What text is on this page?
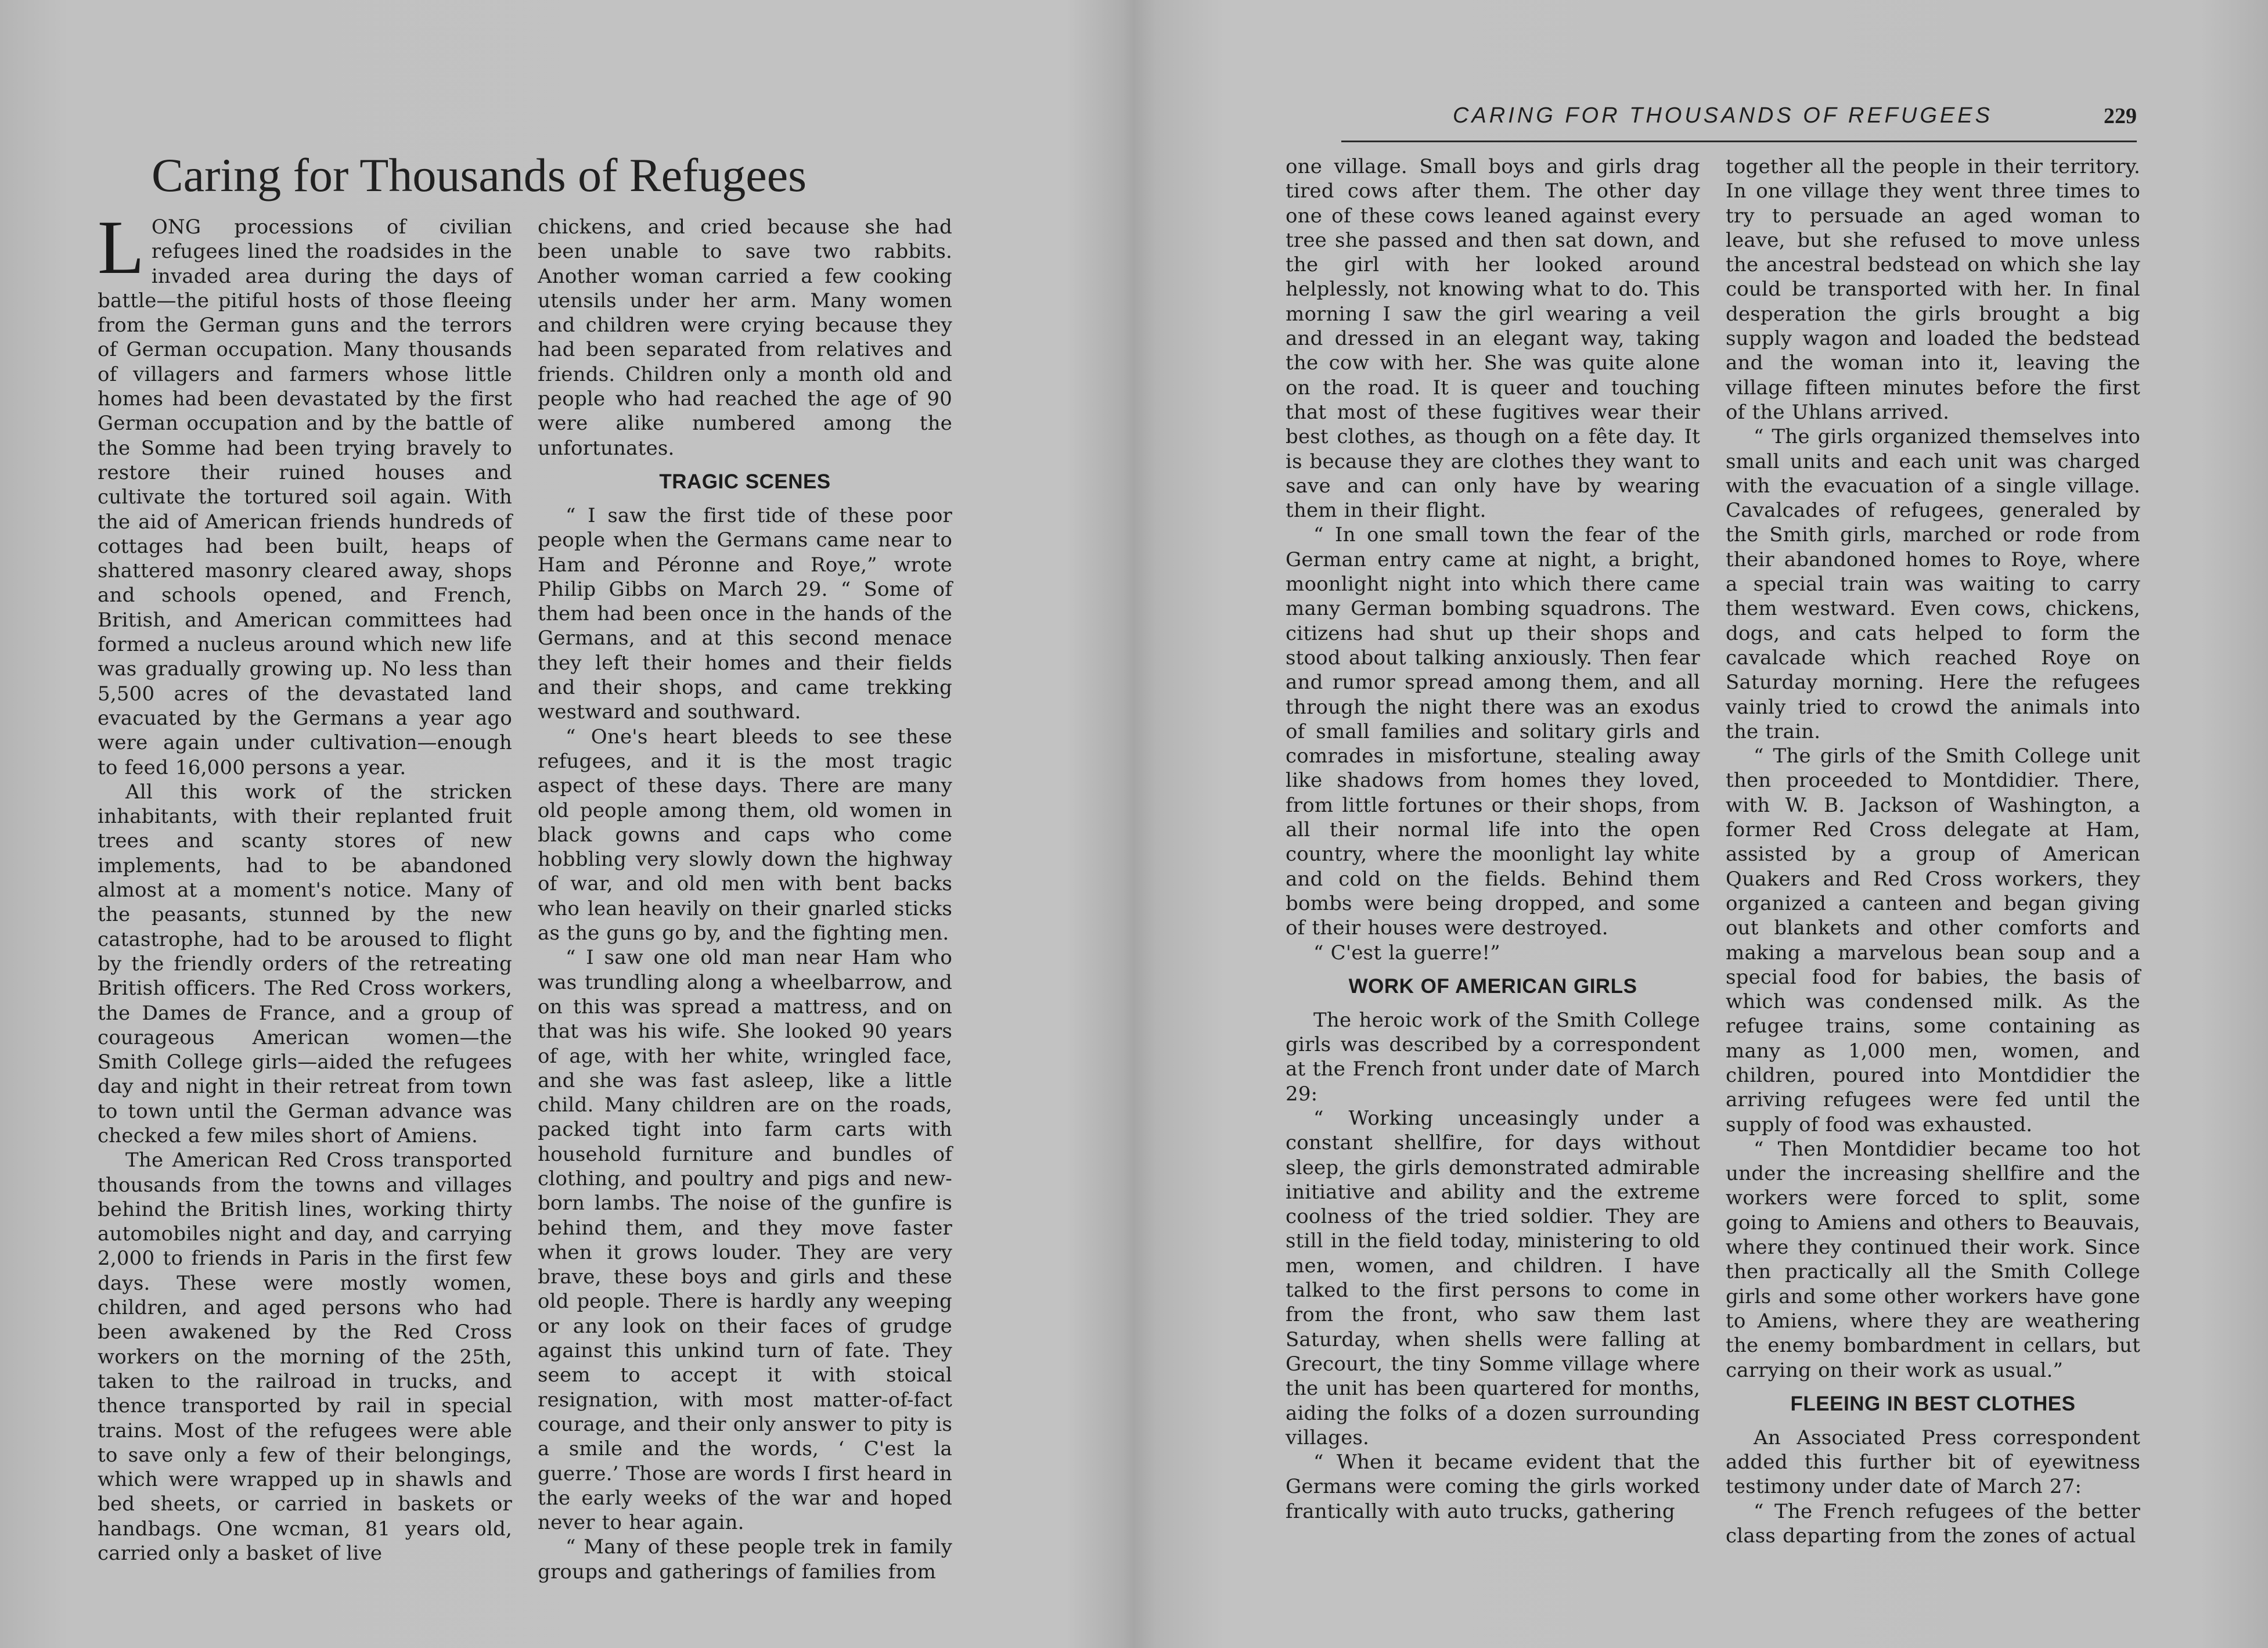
Caring for Thousands of Refugees

LONG processions of civilian refugees lined the roadsides in the invaded area during the days of battle—the pitiful hosts of those fleeing from the German guns and the terrors of German occupation. Many thousands of villagers and farmers whose little homes had been devastated by the first German occupation and by the battle of the Somme had been trying bravely to restore their ruined houses and cultivate the tortured soil again. With the aid of American friends hundreds of cottages had been built, heaps of shattered masonry cleared away, shops and schools opened, and French, British, and American committees had formed a nucleus around which new life was gradually growing up. No less than 5,500 acres of the devastated land evacuated by the Germans a year ago were again under cultivation—enough to feed 16,000 persons a year.

All this work of the stricken inhabitants, with their replanted fruit trees and scanty stores of new implements, had to be abandoned almost at a moment's notice. Many of the peasants, stunned by the new catastrophe, had to be aroused to flight by the friendly orders of the retreating British officers. The Red Cross workers, the Dames de France, and a group of courageous American women—the Smith College girls—aided the refugees day and night in their retreat from town to town until the German advance was checked a few miles short of Amiens.

The American Red Cross transported thousands from the towns and villages behind the British lines, working thirty automobiles night and day, and carrying 2,000 to friends in Paris in the first few days. These were mostly women, children, and aged persons who had been awakened by the Red Cross workers on the morning of the 25th, taken to the railroad in trucks, and thence transported by rail in special trains. Most of the refugees were able to save only a few of their belongings, which were wrapped up in shawls and bed sheets, or carried in baskets or handbags. One wcman, 81 years old, carried only a basket of live

chickens, and cried because she had been unable to save two rabbits. Another woman carried a few cooking utensils under her arm. Many women and children were crying because they had been separated from relatives and friends. Children only a month old and people who had reached the age of 90 were alike numbered among the unfortunates.

TRAGIC SCENES

“ I saw the first tide of these poor people when the Germans came near to Ham and Péronne and Roye,” wrote Philip Gibbs on March 29. “ Some of them had been once in the hands of the Germans, and at this second menace they left their homes and their fields and their shops, and came trekking westward and southward.

“ One's heart bleeds to see these refugees, and it is the most tragic aspect of these days. There are many old people among them, old women in black gowns and caps who come hobbling very slowly down the highway of war, and old men with bent backs who lean heavily on their gnarled sticks as the guns go by, and the fighting men.

“ I saw one old man near Ham who was trundling along a wheelbarrow, and on this was spread a mattress, and on that was his wife. She looked 90 years of age, with her white, wringled face, and she was fast asleep, like a little child. Many children are on the roads, packed tight into farm carts with household furniture and bundles of clothing, and poultry and pigs and new-born lambs. The noise of the gunfire is behind them, and they move faster when it grows louder. They are very brave, these boys and girls and these old people. There is hardly any weeping or any look on their faces of grudge against this unkind turn of fate. They seem to accept it with stoical resignation, with most matter-of-fact courage, and their only answer to pity is a smile and the words, ‘ C'est la guerre.’ Those are words I first heard in the early weeks of the war and hoped never to hear again.

“ Many of these people trek in family groups and gatherings of families from

CARING FOR THOUSANDS OF REFUGEES	229

one village. Small boys and girls drag tired cows after them. The other day one of these cows leaned against every tree she passed and then sat down, and the girl with her looked around helplessly, not knowing what to do. This morning I saw the girl wearing a veil and dressed in an elegant way, taking the cow with her. She was quite alone on the road. It is queer and touching that most of these fugitives wear their best clothes, as though on a fête day. It is because they are clothes they want to save and can only have by wearing them in their flight.

“ In one small town the fear of the German entry came at night, a bright, moonlight night into which there came many German bombing squadrons. The citizens had shut up their shops and stood about talking anxiously. Then fear and rumor spread among them, and all through the night there was an exodus of small families and solitary girls and comrades in misfortune, stealing away like shadows from homes they loved, from little fortunes or their shops, from all their normal life into the open country, where the moonlight lay white and cold on the fields. Behind them bombs were being dropped, and some of their houses were destroyed.

“ C'est la guerre!”

WORK OF AMERICAN GIRLS

The heroic work of the Smith College girls was described by a correspondent at the French front under date of March 29:

“ Working unceasingly under a constant shellfire, for days without sleep, the girls demonstrated admirable initiative and ability and the extreme coolness of the tried soldier. They are still in the field today, ministering to old men, women, and children. I have talked to the first persons to come in from the front, who saw them last Saturday, when shells were falling at Grecourt, the tiny Somme village where the unit has been quartered for months, aiding the folks of a dozen surrounding villages.

“ When it became evident that the Germans were coming the girls worked frantically with auto trucks, gathering

together all the people in their territory. In one village they went three times to try to persuade an aged woman to leave, but she refused to move unless the ancestral bedstead on which she lay could be transported with her. In final desperation the girls brought a big supply wagon and loaded the bedstead and the woman into it, leaving the village fifteen minutes before the first of the Uhlans arrived.

“ The girls organized themselves into small units and each unit was charged with the evacuation of a single village. Cavalcades of refugees, generaled by the Smith girls, marched or rode from their abandoned homes to Roye, where a special train was waiting to carry them westward. Even cows, chickens, dogs, and cats helped to form the cavalcade which reached Roye on Saturday morning. Here the refugees vainly tried to crowd the animals into the train.

“ The girls of the Smith College unit then proceeded to Montdidier. There, with W. B. Jackson of Washington, a former Red Cross delegate at Ham, assisted by a group of American Quakers and Red Cross workers, they organized a canteen and began giving out blankets and other comforts and making a marvelous bean soup and a special food for babies, the basis of which was condensed milk. As the refugee trains, some containing as many as 1,000 men, women, and children, poured into Montdidier the arriving refugees were fed until the supply of food was exhausted.

“ Then Montdidier became too hot under the increasing shellfire and the workers were forced to split, some going to Amiens and others to Beauvais, where they continued their work. Since then practically all the Smith College girls and some other workers have gone to Amiens, where they are weathering the enemy bombardment in cellars, but carrying on their work as usual.”

FLEEING IN BEST CLOTHES

An Associated Press correspondent added this further bit of eyewitness testimony under date of March 27:

“ The French refugees of the better class departing from the zones of actual
